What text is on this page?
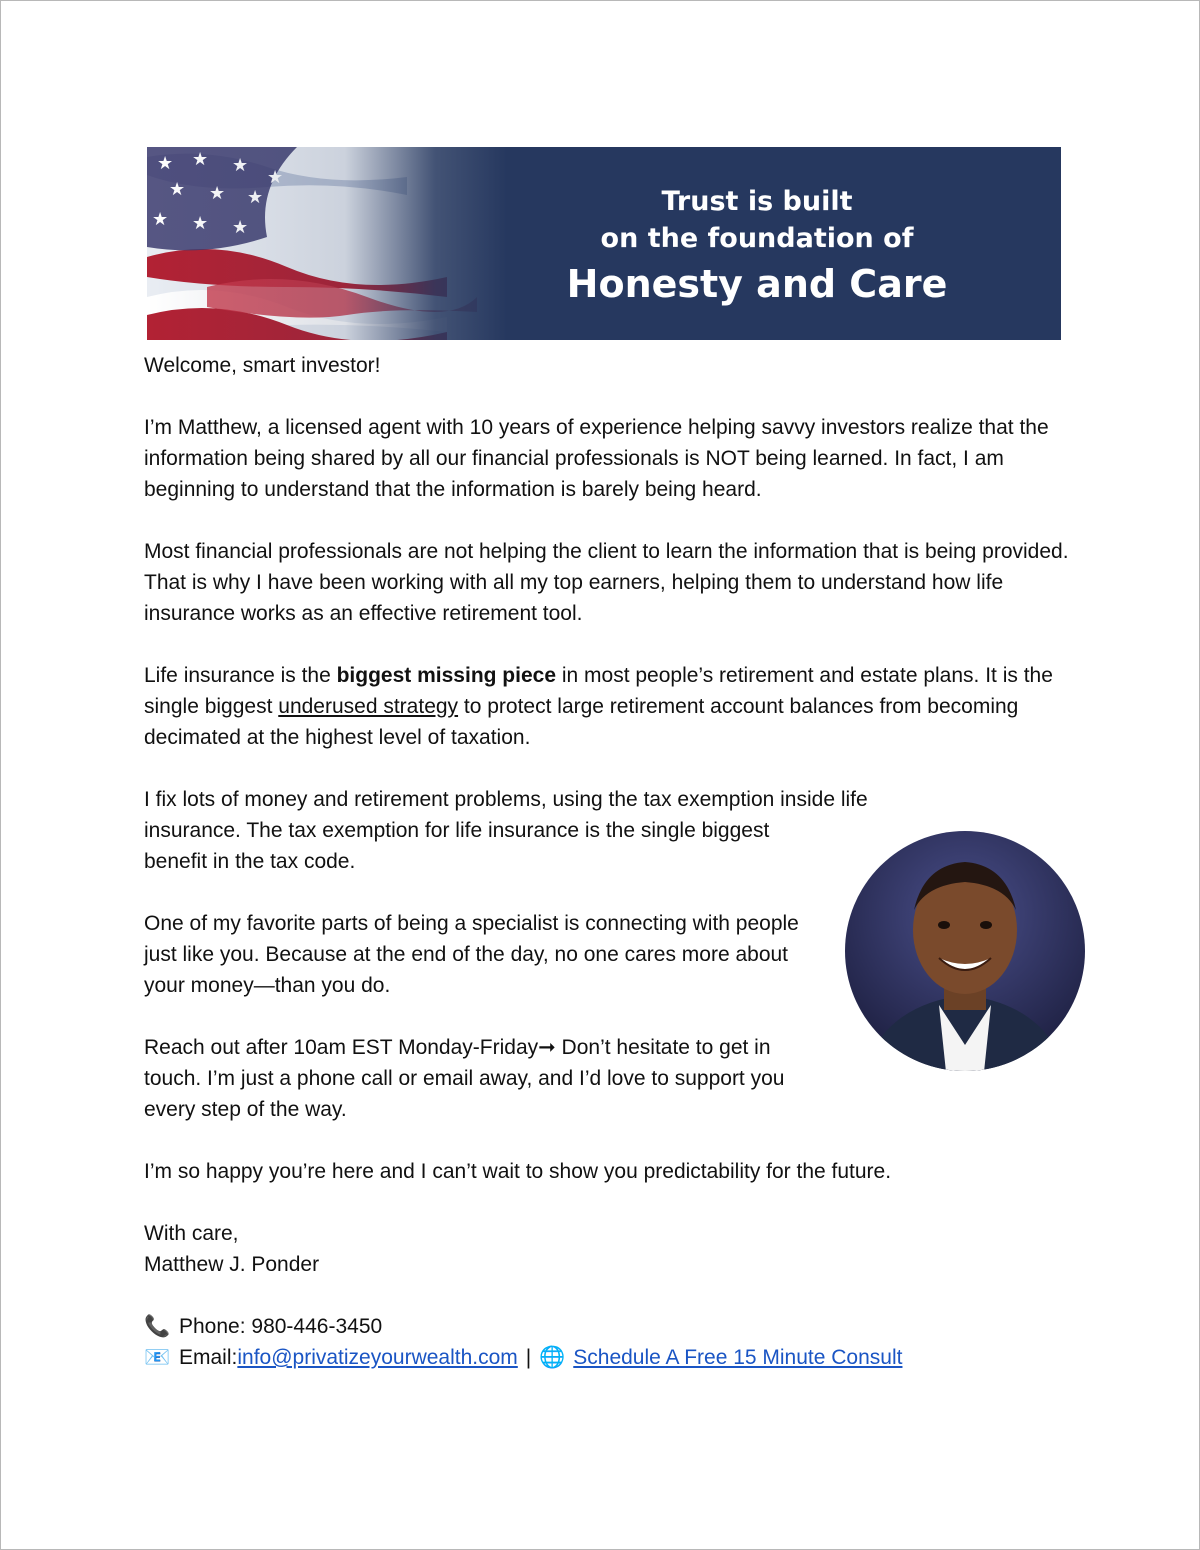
Trust is built
on the foundation of
Honesty and Care

Welcome, smart investor!

I’m Matthew, a licensed agent with 10 years of experience helping savvy investors realize that the information being shared by all our financial professionals is NOT being learned. In fact, I am beginning to understand that the information is barely being heard.

Most financial professionals are not helping the client to learn the information that is being provided. That is why I have been working with all my top earners, helping them to understand how life insurance works as an effective retirement tool.

Life insurance is the biggest missing piece in most people’s retirement and estate plans. It is the single biggest underused strategy to protect large retirement account balances from becoming decimated at the highest level of taxation.

I fix lots of money and retirement problems, using the tax exemption inside life
insurance. The tax exemption for life insurance is the single biggest benefit in the tax code.

One of my favorite parts of being a specialist is connecting with people just like you. Because at the end of the day, no one cares more about your money—than you do.

Reach out after 10am EST Monday-Friday➞ Don’t hesitate to get in touch. I’m just a phone call or email away, and I’d love to support you every step of the way.

I’m so happy you’re here and I can’t wait to show you predictability for the future.

With care,

Matthew J. Ponder

📞 Phone: 980-446-3450
📧 Email: info@privatizeyourwealth.com | 🌐 Schedule A Free 15 Minute Consult
